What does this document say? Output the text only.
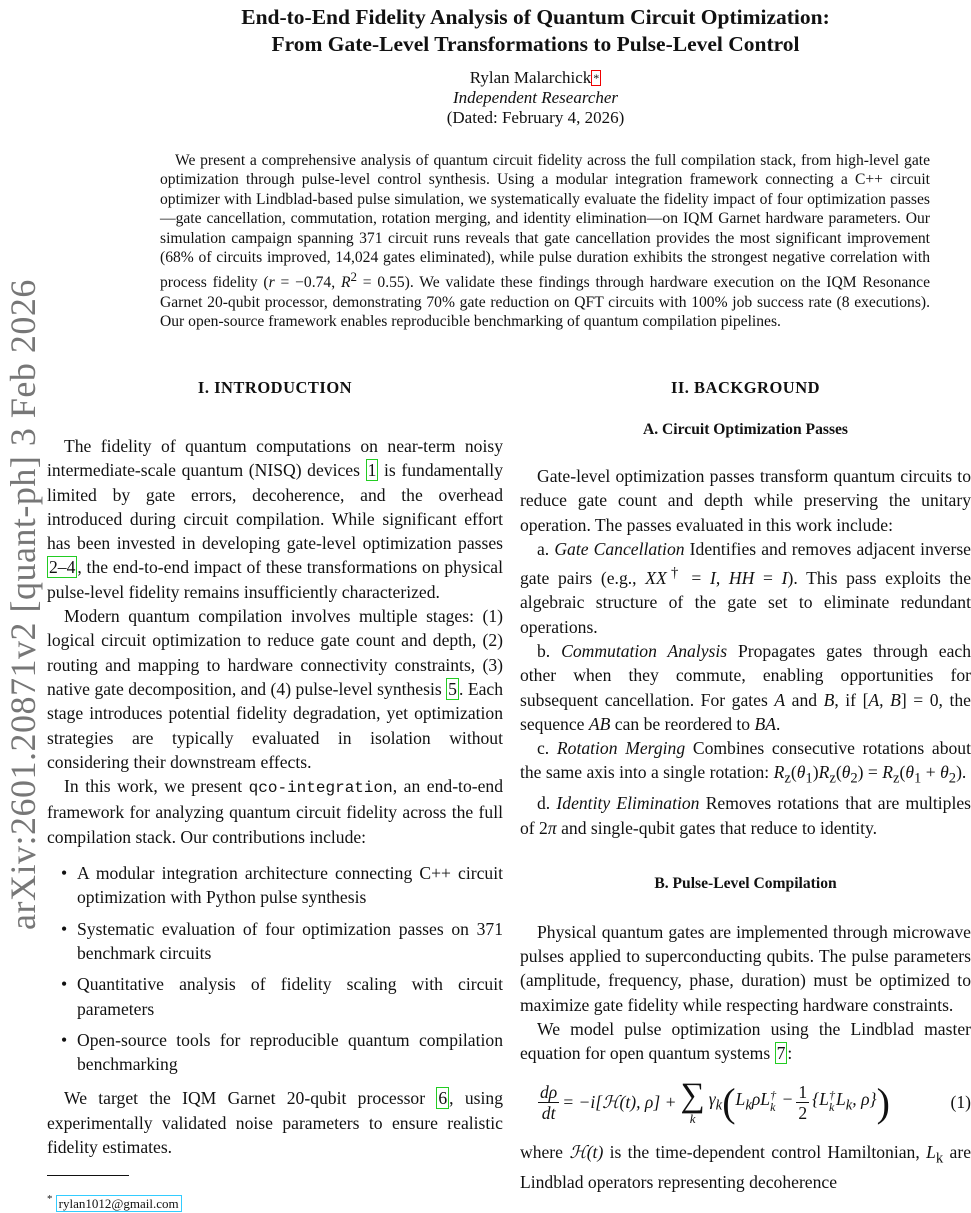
End-to-End Fidelity Analysis of Quantum Circuit Optimization:
From Gate-Level Transformations to Pulse-Level Control
Rylan Malarchick *
Independent Researcher
(Dated: February 4, 2026)
We present a comprehensive analysis of quantum circuit fidelity across the full compilation stack, from high-level gate optimization through pulse-level control synthesis. Using a modular integration framework connecting a C++ circuit optimizer with Lindblad-based pulse simulation, we systematically evaluate the fidelity impact of four optimization passes—gate cancellation, commutation, rotation merging, and identity elimination—on IQM Garnet hardware parameters. Our simulation campaign spanning 371 circuit runs reveals that gate cancellation provides the most significant improvement (68% of circuits improved, 14,024 gates eliminated), while pulse duration exhibits the strongest negative correlation with process fidelity (r = −0.74, $R^2 = 0.55$). We validate these findings through hardware execution on the IQM Resonance Garnet 20-qubit processor, demonstrating 70% gate reduction on QFT circuits with 100% job success rate (8 executions). Our open-source framework enables reproducible benchmarking of quantum compilation pipelines.
arXiv:2601.20871v2 [quant-ph] 3 Feb 2026	I. INTRODUCTION

The fidelity of quantum computations on near-term noisy intermediate-scale quantum (NISQ) devices 1 is fundamentally limited by gate errors, decoherence, and the overhead introduced during circuit compilation. While significant effort has been invested in developing gate-level optimization passes 2–4 , the end-to-end impact of these transformations on physical pulse-level fidelity remains insufficiently characterized.

Modern quantum compilation involves multiple stages: (1) logical circuit optimization to reduce gate count and depth, (2) routing and mapping to hardware connectivity constraints, (3) native gate decomposition, and (4) pulse-level synthesis 5 . Each stage introduces potential fidelity degradation, yet optimization strategies are typically evaluated in isolation without considering their downstream effects.

In this work, we present qco-integration, an end-to-end framework for analyzing quantum circuit fidelity across the full compilation stack. Our contributions include:

• A modular integration architecture connecting C++ circuit optimization with Python pulse synthesis
• Systematic evaluation of four optimization passes on 371 benchmark circuits
• Quantitative analysis of fidelity scaling with circuit parameters
• Open-source tools for reproducible quantum compilation benchmarking

We target the IQM Garnet 20-qubit processor 6 , using experimentally validated noise parameters to ensure realistic fidelity estimates.

* rylan1012@gmail.com
II. BACKGROUND
A. Circuit Optimization Passes

Gate-level optimization passes transform quantum circuits to reduce gate count and depth while preserving the unitary operation. The passes evaluated in this work include:

a. Gate Cancellation Identifies and removes adjacent inverse gate pairs (e.g., XX† = I, HH = I). This pass exploits the algebraic structure of the gate set to eliminate redundant operations.

b. Commutation Analysis Propagates gates through each other when they commute, enabling opportunities for subsequent cancellation. For gates A and B, if [A, B] = 0, the sequence AB can be reordered to BA.

c. Rotation Merging Combines consecutive rotations about the same axis into a single rotation: $R_z(\theta_1)R_z(\theta_2) = R_z(\theta_1 + \theta_2)$.

d. Identity Elimination Removes rotations that are multiples of 2π and single-qubit gates that reduce to identity.

B. Pulse-Level Compilation

Physical quantum gates are implemented through microwave pulses applied to superconducting qubits. The pulse parameters (amplitude, frequency, phase, duration) must be optimized to maximize gate fidelity while respecting hardware constraints.

We model pulse optimization using the Lindblad master equation for open quantum systems 7 :

$\frac{d\rho}{dt}$ = −i[ℋ(t), ρ] + ∑
k
$\gamma_k$ ( $L_k\rho L$ †
$k - \frac{1}{2} \{L$ †
k $L_k$, ρ} )	(1)

where ℋ(t) is the time-dependent control Hamiltonian, $L_k$ are Lindblad operators representing decoherence
